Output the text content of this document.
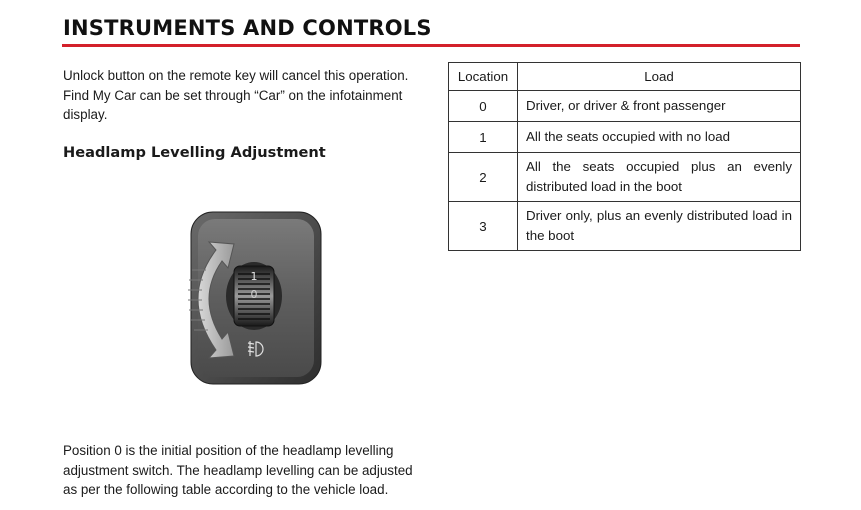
INSTRUMENTS AND CONTROLS
Unlock button on the remote key will cancel this operation.
Find My Car can be set through “Car” on the infotainment
display.
Headlamp Levelling Adjustment
1
0
Position 0 is the initial position of the headlamp levelling
adjustment switch. The headlamp levelling can be adjusted
as per the following table according to the vehicle load.
Location	Load
0	Driver, or driver & front passenger
1	All the seats occupied with no load
2	All the seats occupied plus an evenly distributed load in the boot
3	Driver only, plus an evenly distributed load in the boot
